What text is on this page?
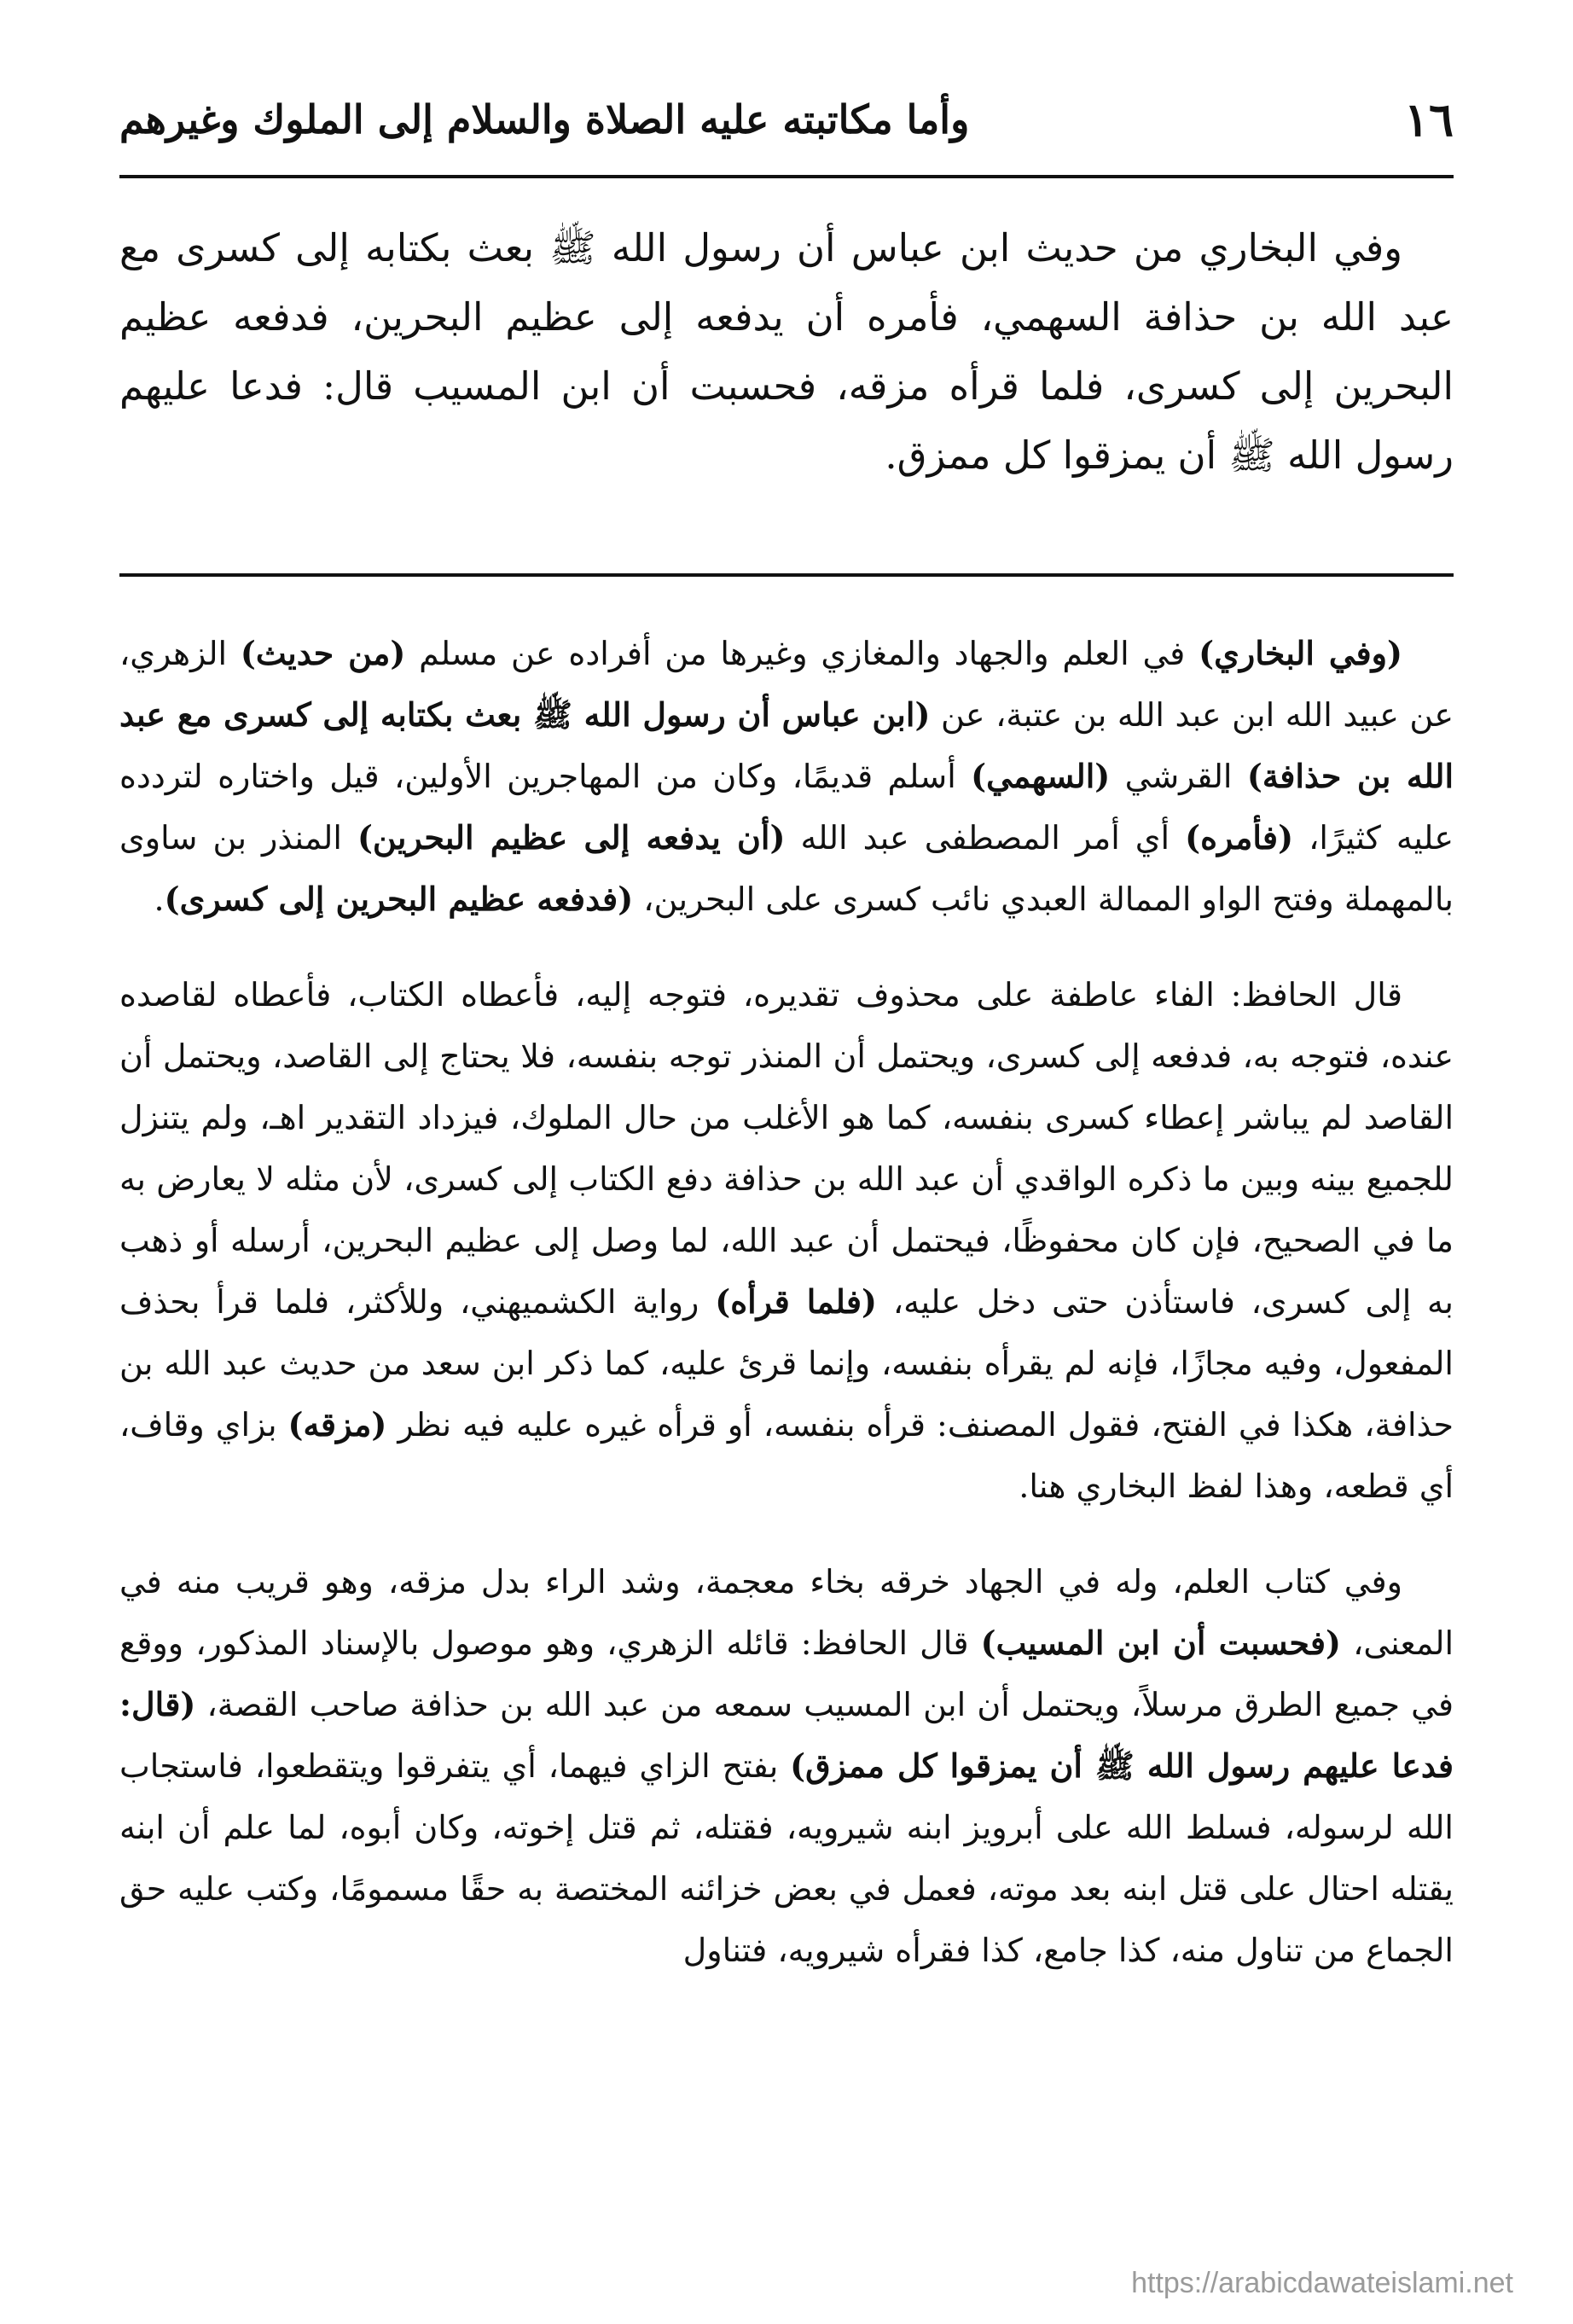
١٦
وأما مكاتبته عليه الصلاة والسلام إلى الملوك وغيرهم

وفي البخاري من حديث ابن عباس أن رسول الله ﷺ بعث بكتابه إلى كسرى مع عبد الله بن حذافة السهمي، فأمره أن يدفعه إلى عظيم البحرين، فدفعه عظيم البحرين إلى كسرى، فلما قرأه مزقه، فحسبت أن ابن المسيب قال: فدعا عليهم رسول الله ﷺ أن يمزقوا كل ممزق.

(وفي البخاري) في العلم والجهاد والمغازي وغيرها من أفراده عن مسلم (من حديث) الزهري، عن عبيد الله ابن عبد الله بن عتبة، عن (ابن عباس أن رسول الله ﷺ بعث بكتابه إلى كسرى مع عبد الله بن حذافة) القرشي (السهمي) أسلم قديمًا، وكان من المهاجرين الأولين، قيل واختاره لتردده عليه كثيرًا، (فأمره) أي أمر المصطفى عبد الله (أن يدفعه إلى عظيم البحرين) المنذر بن ساوى بالمهملة وفتح الواو الممالة العبدي نائب كسرى على البحرين، (فدفعه عظيم البحرين إلى كسرى).

قال الحافظ: الفاء عاطفة على محذوف تقديره، فتوجه إليه، فأعطاه الكتاب، فأعطاه لقاصده عنده، فتوجه به، فدفعه إلى كسرى، ويحتمل أن المنذر توجه بنفسه، فلا يحتاج إلى القاصد، ويحتمل أن القاصد لم يباشر إعطاء كسرى بنفسه، كما هو الأغلب من حال الملوك، فيزداد التقدير اهـ، ولم يتنزل للجميع بينه وبين ما ذكره الواقدي أن عبد الله بن حذافة دفع الكتاب إلى كسرى، لأن مثله لا يعارض به ما في الصحيح، فإن كان محفوظًا، فيحتمل أن عبد الله، لما وصل إلى عظيم البحرين، أرسله أو ذهب به إلى كسرى، فاستأذن حتى دخل عليه، (فلما قرأه) رواية الكشميهني، وللأكثر، فلما قرأ بحذف المفعول، وفيه مجازًا، فإنه لم يقرأه بنفسه، وإنما قرئ عليه، كما ذكر ابن سعد من حديث عبد الله بن حذافة، هكذا في الفتح، فقول المصنف: قرأه بنفسه، أو قرأه غيره عليه فيه نظر (مزقه) بزاي وقاف، أي قطعه، وهذا لفظ البخاري هنا.

وفي كتاب العلم، وله في الجهاد خرقه بخاء معجمة، وشد الراء بدل مزقه، وهو قريب منه في المعنى، (فحسبت أن ابن المسيب) قال الحافظ: قائله الزهري، وهو موصول بالإسناد المذكور، ووقع في جميع الطرق مرسلاً، ويحتمل أن ابن المسيب سمعه من عبد الله بن حذافة صاحب القصة، (قال: فدعا عليهم رسول الله ﷺ أن يمزقوا كل ممزق) بفتح الزاي فيهما، أي يتفرقوا ويتقطعوا، فاستجاب الله لرسوله، فسلط الله على أبرويز ابنه شيرويه، فقتله، ثم قتل إخوته، وكان أبوه، لما علم أن ابنه يقتله احتال على قتل ابنه بعد موته، فعمل في بعض خزائنه المختصة به حقًا مسمومًا، وكتب عليه حق الجماع من تناول منه، كذا جامع، كذا فقرأه شيرويه، فتناول

https://arabicdawateislami.net
